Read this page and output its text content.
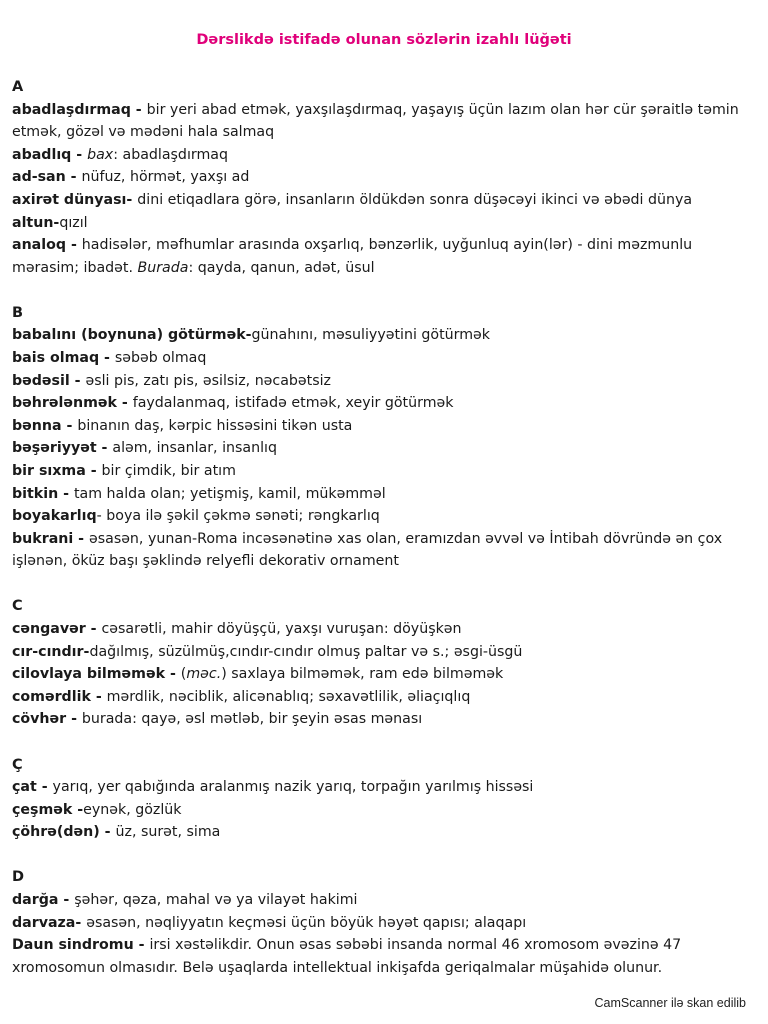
Dərslikdə istifadə olunan sözlərin izahlı lüğəti
A
abadlaşdırmaq - bir yeri abad etmək, yaxşılaşdırmaq, yaşayış üçün lazım olan hər cür şəraitlə təmin etmək, gözəl və mədəni hala salmaq
abadlıq - bax: abadlaşdırmaq
ad-san - nüfuz, hörmət, yaxşı ad
axirət dünyası- dini etiqadlara görə, insanların öldükdən sonra düşəcəyi ikinci və əbədi dünya
altun-qızıl
analoq - hadisələr, məfhumlar arasında oxşarlıq, bənzərlik, uyğunluq ayin(lər) - dini məzmunlu mərasim; ibadət. Burada: qayda, qanun, adət, üsul
B
babalını (boynuna) götürmək-günahını, məsuliyyətini götürmək
bais olmaq - səbəb olmaq
bədəsil - əsli pis, zatı pis, əsilsiz, nəcabətsiz
bəhrələnmək - faydalanmaq, istifadə etmək, xeyir götürmək
bənna - binanın daş, kərpic hissəsini tikən usta
bəşəriyyət - aləm, insanlar, insanlıq
bir sıxma - bir çimdik, bir atım
bitkin - tam halda olan; yetişmiş, kamil, mükəmməl
boyakarlıq- boya ilə şəkil çəkmə sənəti; rəngkarlıq
bukrani - əsasən, yunan-Roma incəsənətinə xas olan, eramızdan əvvəl və İntibah dövründə ən çox işlənən, öküz başı şəklində relyefli dekorativ ornament
C
cəngavər - cəsarətli, mahir döyüşçü, yaxşı vuruşan: döyüşkən
cır-cındır-dağılmış, süzülmüş,cındır-cındır olmuş paltar və s.; əsgi-üsgü
cilovlaya bilməmək - (məc.) saxlaya bilməmək, ram edə bilməmək
comərdlik - mərdlik, nəciblik, alicənablıq; səxavətlilik, əliaçıqlıq
cövhər - burada: qayə, əsl mətləb, bir şeyin əsas mənası
Ç
çat - yarıq, yer qabığında aralanmış nazik yarıq, torpağın yarılmış hissəsi
çeşmək -eynək, gözlük
çöhrə(dən) - üz, surət, sima
D
darğa - şəhər, qəza, mahal və ya vilayət hakimi
darvaza- əsasən, nəqliyyatın keçməsi üçün böyük həyət qapısı; alaqapı
Daun sindromu - irsi xəstəlikdir. Onun əsas səbəbi insanda normal 46 xromosom əvəzinə 47 xromosomun olmasıdır. Belə uşaqlarda intellektual inkişafda geriqalmalar müşahidə olunur.
CamScanner ilə skan edilib
